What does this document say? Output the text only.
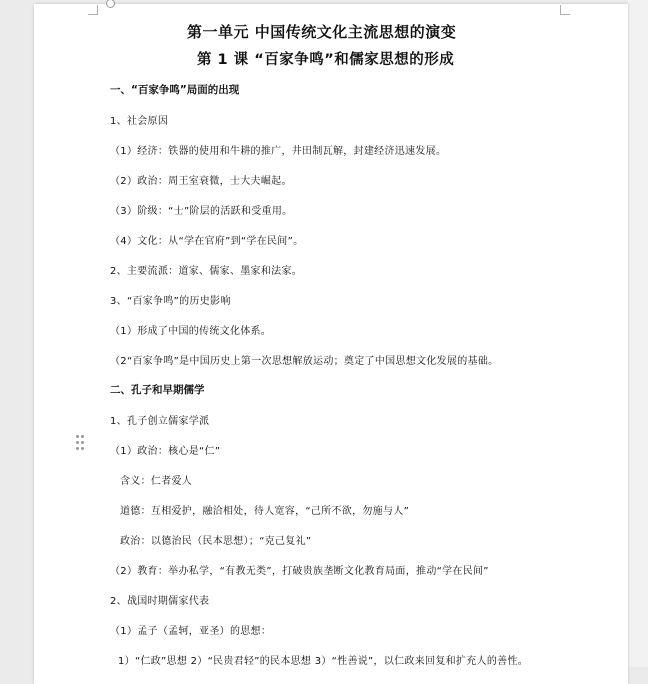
第一单元 中国传统文化主流思想的演变
第 1 课 “百家争鸣”和儒家思想的形成
一、“百家争鸣”局面的出现
1、社会原因
（1）经济：铁器的使用和牛耕的推广，井田制瓦解，封建经济迅速发展。
（2）政治：周王室衰微，士大夫崛起。
（3）阶级：“士”阶层的活跃和受重用。
（4）文化：从“学在官府”到“学在民间”。
2、主要流派：道家、儒家、墨家和法家。
3、“百家争鸣”的历史影响
（1）形成了中国的传统文化体系。
（2“百家争鸣”是中国历史上第一次思想解放运动；奠定了中国思想文化发展的基础。
二、孔子和早期儒学
1、孔子创立儒家学派
（1）政治：核心是“仁”
含义：仁者爱人
道德：互相爱护，融洽相处，待人宽容，“己所不欲，勿施与人”
政治：以德治民（民本思想）；“克己复礼”
（2）教育：举办私学，“有教无类”，打破贵族垄断文化教育局面，推动“学在民间”
2、战国时期儒家代表
（1）孟子（孟轲，亚圣）的思想：
1）“仁政”思想 2）“民贵君轻”的民本思想 3）“性善说”，以仁政来回复和扩充人的善性。
